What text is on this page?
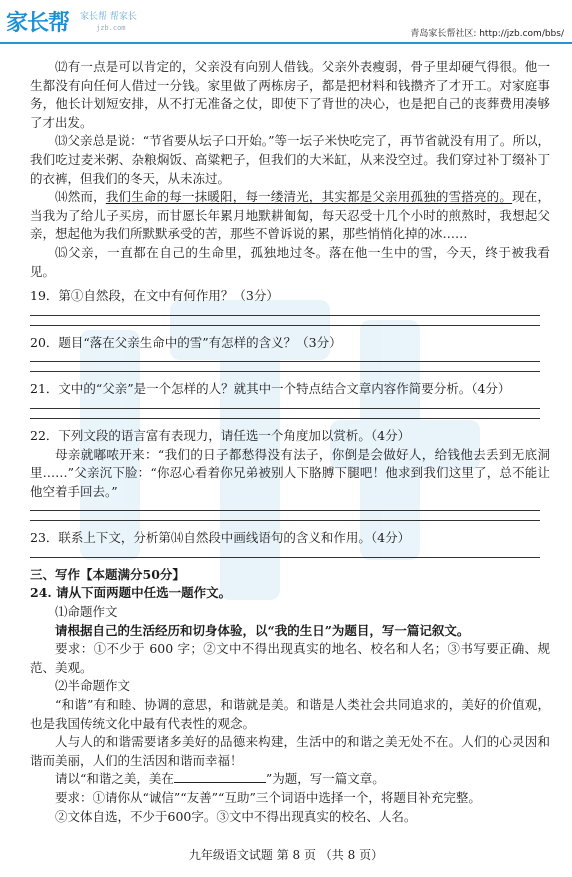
家长帮 家长帮 帮家长
jzb.com
青岛家长帮社区: http://jzb.com/bbs/

⑿有一点是可以肯定的，父亲没有向别人借钱。父亲外表瘦弱，骨子里却硬气得很。他一生都没有向任何人借过一分钱。家里做了两栋房子，都是把材料和钱攒齐了才开工。对家庭事务，他长计划短安排，从不打无准备之仗，即使下了背世的决心，也是把自己的丧葬费用凑够了才出发。

⒀父亲总是说：“节省要从坛子口开始。”等一坛子米快吃完了，再节省就没有用了。所以，我们吃过麦米粥、杂粮焖饭、高粱粑子，但我们的大米缸，从来没空过。我们穿过补丁缀补丁的衣裤，但我们的冬天，从未冻过。

⒁然而，我们生命的每一抹暖阳，每一缕清光，其实都是父亲用孤独的雪搭亮的。现在，当我为了给儿子买房，而甘愿长年累月地默耕匍匐，每天忍受十几个小时的煎熬时，我想起父亲，想起他为我们所默默承受的苦，那些不曾诉说的累，那些悄悄化掉的冰……

⒂父亲，一直都在自己的生命里，孤独地过冬。落在他一生中的雪，今天，终于被我看见。

19．第①自然段，在文中有何作用？（3分）

20．题目“落在父亲生命中的雪”有怎样的含义？（3分）

21．文中的“父亲”是一个怎样的人？就其中一个特点结合文章内容作简要分析。（4分）

22．下列文段的语言富有表现力，请任选一个角度加以赏析。（4分）

母亲就嘟哝开来：“我们的日子都愁得没有法子，你倒是会做好人，给钱他去丢到无底洞里……”父亲沉下脸：“你忍心看着你兄弟被别人下胳膊下腿吧！他求到我们这里了，总不能让他空着手回去。”

23．联系上下文，分析第⒁自然段中画线语句的含义和作用。（4分）

三、写作【本题满分50分】

24. 请从下面两题中任选一题作文。

⑴命题作文

请根据自己的生活经历和切身体验，以“我的生日”为题目，写一篇记叙文。

要求：①不少于 600 字；②文中不得出现真实的地名、校名和人名；③书写要正确、规范、美观。

⑵半命题作文

“和谐”有和睦、协调的意思，和谐就是美。和谐是人类社会共同追求的，美好的价值观，也是我国传统文化中最有代表性的观念。

人与人的和谐需要诸多美好的品德来构建，生活中的和谐之美无处不在。人们的心灵因和谐而美丽，人们的生活因和谐而幸福！

请以“和谐之美，美在	”为题，写一篇文章。

要求：①请你从“诚信”“友善”“互助”三个词语中选择一个，将题目补充完整。

②文体自选，不少于600字。③文中不得出现真实的校名、人名。

九年级语文试题 第 8 页 （共 8 页）
